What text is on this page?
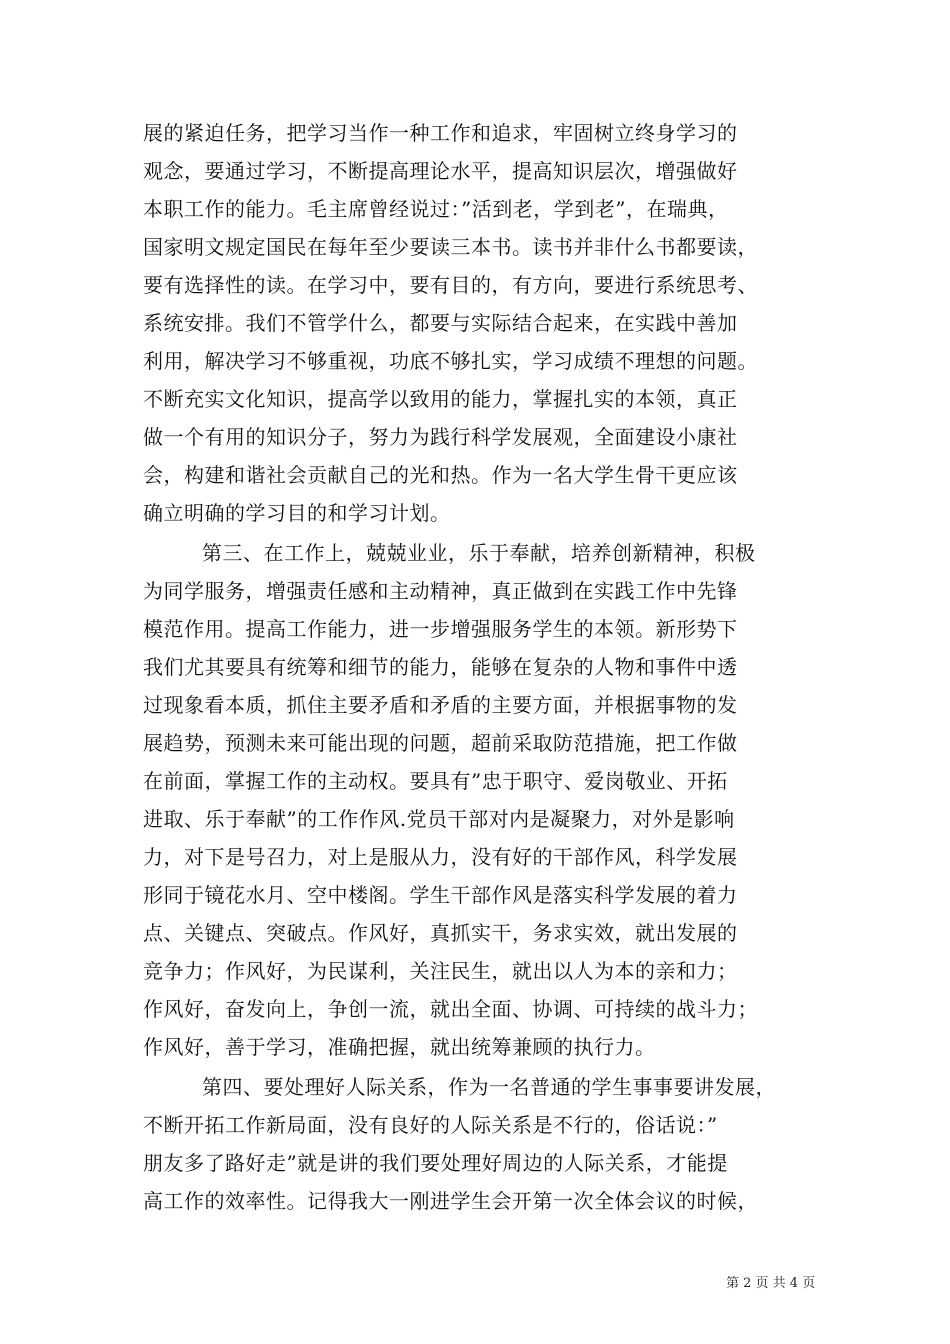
展的紧迫任务，把学习当作一种工作和追求，牢固树立终身学习的
观念，要通过学习，不断提高理论水平，提高知识层次，增强做好
本职工作的能力。毛主席曾经说过：”活到老，学到老”，在瑞典，
国家明文规定国民在每年至少要读三本书。读书并非什么书都要读，
要有选择性的读。在学习中，要有目的，有方向，要进行系统思考、
系统安排。我们不管学什么，都要与实际结合起来，在实践中善加
利用，解决学习不够重视，功底不够扎实，学习成绩不理想的问题。
不断充实文化知识，提高学以致用的能力，掌握扎实的本领，真正
做一个有用的知识分子，努力为践行科学发展观，全面建设小康社
会，构建和谐社会贡献自己的光和热。作为一名大学生骨干更应该
确立明确的学习目的和学习计划。
第三、在工作上，兢兢业业，乐于奉献，培养创新精神，积极
为同学服务，增强责任感和主动精神，真正做到在实践工作中先锋
模范作用。提高工作能力，进一步增强服务学生的本领。新形势下
我们尤其要具有统筹和细节的能力，能够在复杂的人物和事件中透
过现象看本质，抓住主要矛盾和矛盾的主要方面，并根据事物的发
展趋势，预测未来可能出现的问题，超前采取防范措施，把工作做
在前面，掌握工作的主动权。要具有”忠于职守、爱岗敬业、开拓
进取、乐于奉献”的工作作风.党员干部对内是凝聚力，对外是影响
力，对下是号召力，对上是服从力，没有好的干部作风，科学发展
形同于镜花水月、空中楼阁。学生干部作风是落实科学发展的着力
点、关键点、突破点。作风好，真抓实干，务求实效，就出发展的
竞争力；作风好，为民谋利，关注民生，就出以人为本的亲和力；
作风好，奋发向上，争创一流，就出全面、协调、可持续的战斗力；
作风好，善于学习，准确把握，就出统筹兼顾的执行力。
第四、要处理好人际关系，作为一名普通的学生事事要讲发展，
不断开拓工作新局面，没有良好的人际关系是不行的，俗话说：”
朋友多了路好走”就是讲的我们要处理好周边的人际关系，才能提
高工作的效率性。记得我大一刚进学生会开第一次全体会议的时候，
第 2 页 共 4 页
